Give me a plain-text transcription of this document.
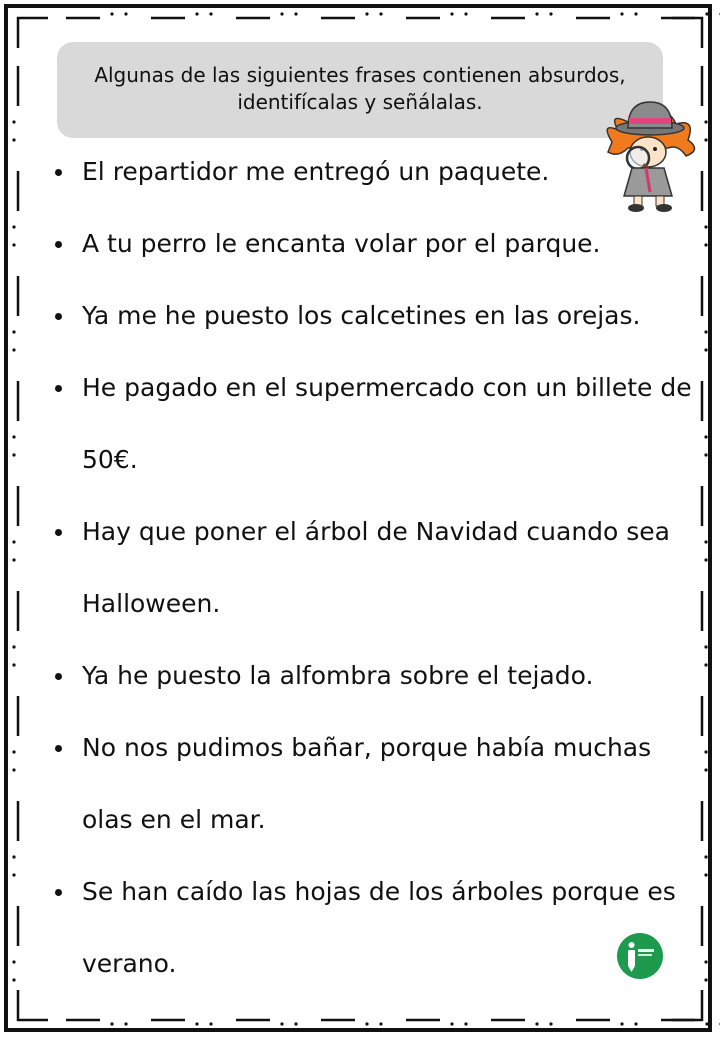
Algunas de las siguientes frases contienen absurdos,
identifícalas y señálalas.
El repartidor me entregó un paquete.
A tu perro le encanta volar por el parque.
Ya me he puesto los calcetines en las orejas.
He pagado en el supermercado con un billete de
50€.
Hay que poner el árbol de Navidad cuando sea
Halloween.
Ya he puesto la alfombra sobre el tejado.
No nos pudimos bañar, porque había muchas
olas en el mar.
Se han caído las hojas de los árboles porque es
verano.
